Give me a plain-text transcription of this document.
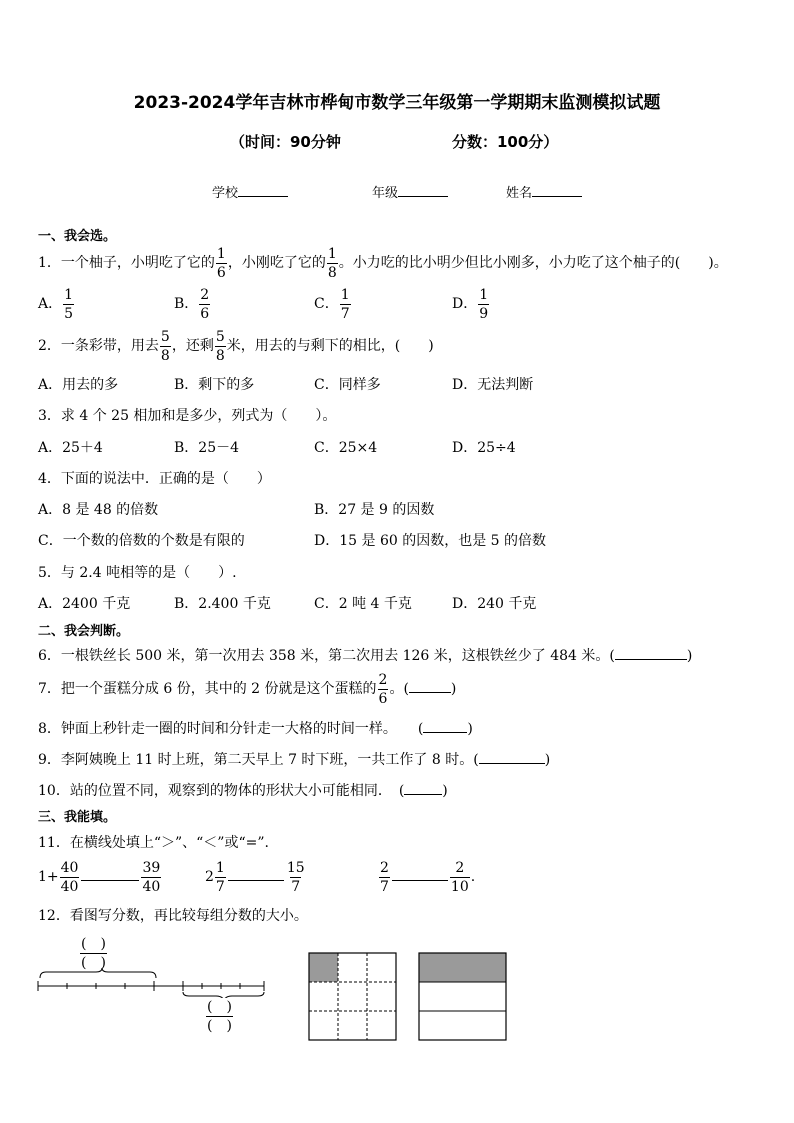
2023-2024学年吉林市桦甸市数学三年级第一学期期末监测模拟试题
（时间：90分钟	分数：100分）
学校	年级	姓名
一、我会选。
1．一个柚子，小明吃了它的 $\frac{1}{6}$ ，小刚吃了它的 $\frac{1}{8}$ 。小力吃的比小明少但比小刚多，小力吃了这个柚子的(　　)。
A． $\frac{1}{5}$	B． $\frac{2}{6}$	C． $\frac{1}{7}$	D． $\frac{1}{9}$
2．一条彩带，用去 $\frac{5}{8}$ ，还剩 $\frac{5}{8}$ 米，用去的与剩下的相比，(　　)
A．用去的多	B．剩下的多	C．同样多	D．无法判断
3．求 4 个 25 相加和是多少，列式为（　　）。
A．25＋4	B．25－4	C．25×4	D．25÷4
4．下面的说法中．正确的是（　　）
A．8 是 48 的倍数	B．27 是 9 的因数
C．一个数的倍数的个数是有限的	D．15 是 60 的因数，也是 5 的倍数
5．与 2.4 吨相等的是（　　）.
A．2400 千克	B．2.400 千克	C．2 吨 4 千克	D．240 千克
二、我会判断。
6．一根铁丝长 500 米，第一次用去 358 米，第二次用去 126 米，这根铁丝少了 484 米。(	)
7．把一个蛋糕分成 6 份，其中的 2 份就是这个蛋糕的 $\frac{2}{6}$ 。(	)
8．钟面上秒针走一圈的时间和分针走一大格的时间一样。　　(	)
9．李阿姨晚上 11 时上班，第二天早上 7 时下班，一共工作了 8 时。(	)
10．站的位置不同，观察到的物体的形状大小可能相同．　(	)
三、我能填。
11．在横线处填上“＞”、“＜”或“=”.
$1+ \frac{40}{40}$	$\frac{39}{40}$	$2 \frac{1}{7}$	$\frac{15}{7}$	$\frac{2}{7}$	$\frac{2}{10}$ .
12．看图写分数，再比较每组分数的大小。
$\frac{( )}{( )}$
$\frac{( )}{( )}$
